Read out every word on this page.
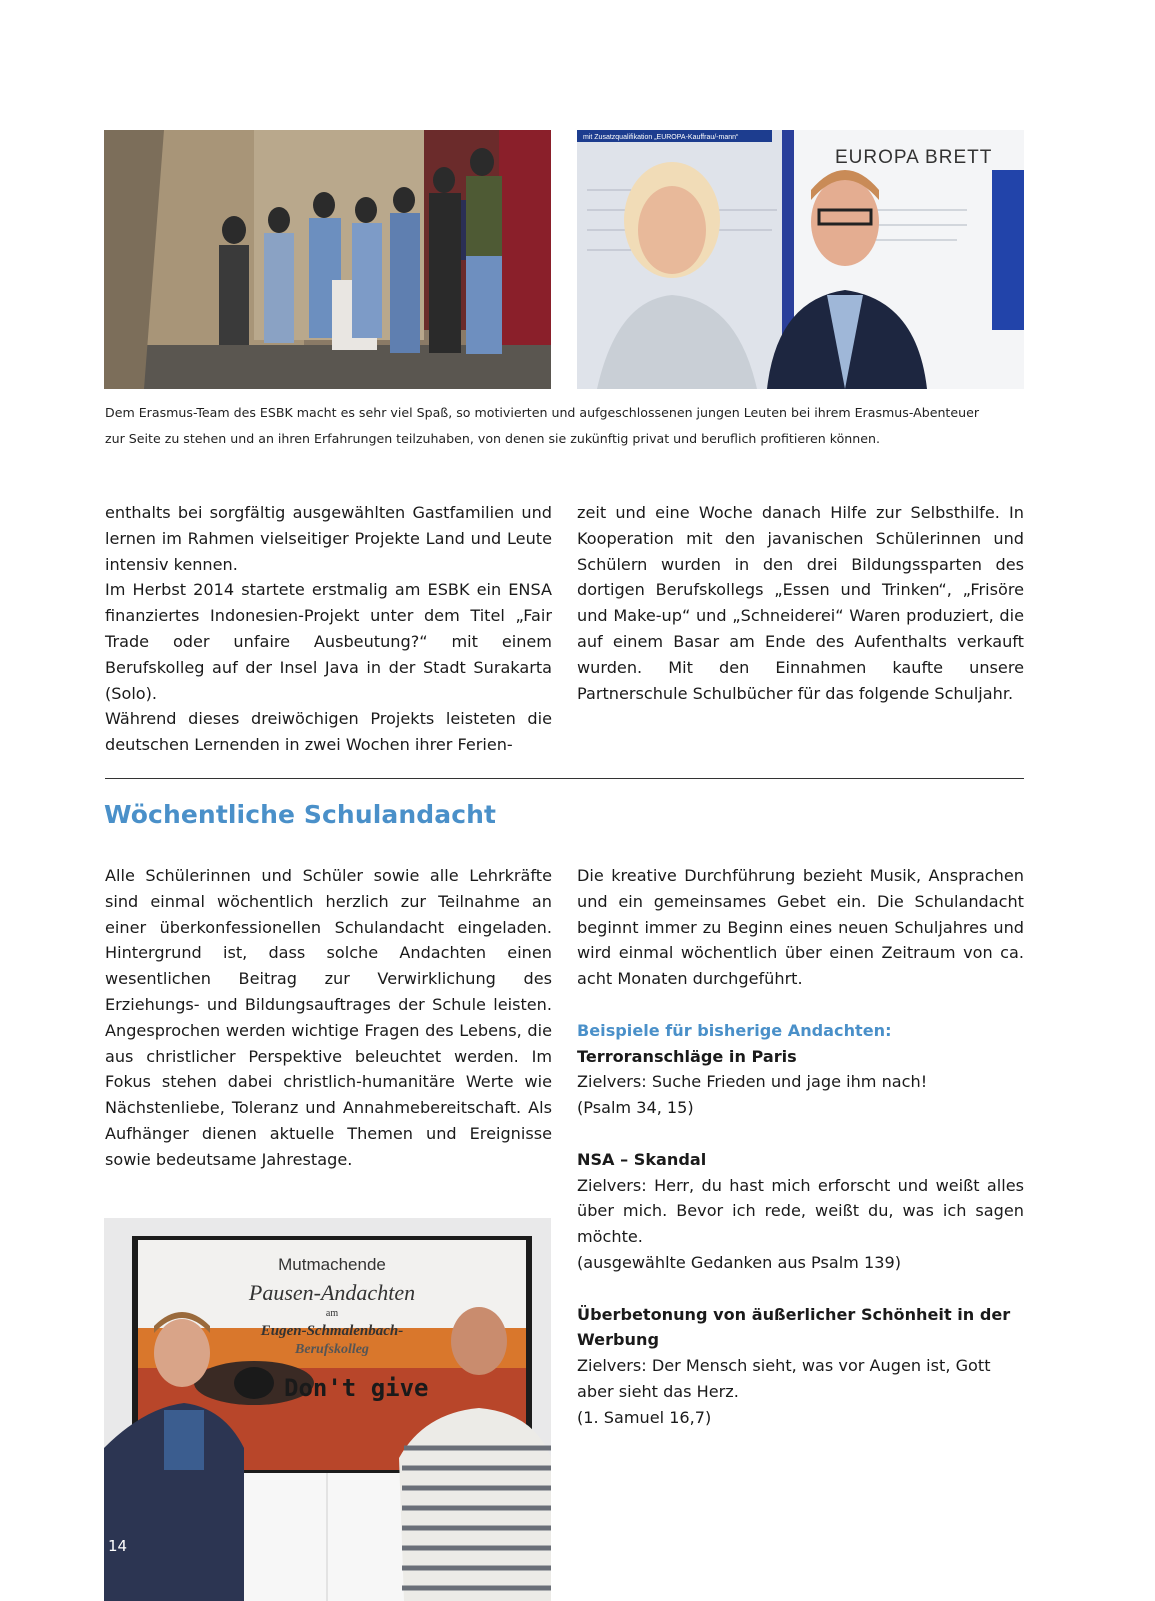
mit Zusatzqualifikation „EUROPA-Kauffrau/-mann“
EUROPA BRETT

Dem Erasmus-Team des ESBK macht es sehr viel Spaß, so motivierten und aufgeschlossenen jungen Leuten bei ihrem Erasmus-Abenteuer

zur Seite zu stehen und an ihren Erfahrungen teilzuhaben, von denen sie zukünftig privat und beruflich profitieren können.

enthalts bei sorgfältig ausgewählten Gastfamilien und lernen im Rahmen vielseitiger Projekte Land und Leute intensiv kennen.

Im Herbst 2014 startete erstmalig am ESBK ein ENSA finanziertes Indonesien-Projekt unter dem Titel „Fair Trade oder unfaire Ausbeutung?“ mit einem Berufskolleg auf der Insel Java in der Stadt Surakarta (Solo).

Während dieses dreiwöchigen Projekts leisteten die deutschen Lernenden in zwei Wochen ihrer Ferien-

zeit und eine Woche danach Hilfe zur Selbsthilfe. In Kooperation mit den javanischen Schülerinnen und Schülern wurden in den drei Bildungssparten des dortigen Berufskollegs „Essen und Trinken“, „Frisöre und Make-up“ und „Schneiderei“ Waren produziert, die auf einem Basar am Ende des Aufenthalts verkauft wurden. Mit den Einnahmen kaufte unsere Partnerschule Schulbücher für das folgende Schuljahr.

Wöchentliche Schulandacht

Alle Schülerinnen und Schüler sowie alle Lehrkräfte sind einmal wöchentlich herzlich zur Teilnahme an einer überkonfessionellen Schulandacht eingeladen. Hintergrund ist, dass solche Andachten einen wesentlichen Beitrag zur Verwirklichung des Erziehungs- und Bildungsauftrages der Schule leisten. Angesprochen werden wichtige Fragen des Lebens, die aus christlicher Perspektive beleuchtet werden. Im Fokus stehen dabei christlich-humanitäre Werte wie Nächstenliebe, Toleranz und Annahmebereitschaft. Als Aufhänger dienen aktuelle Themen und Ereignisse sowie bedeutsame Jahrestage.

Die kreative Durchführung bezieht Musik, Ansprachen und ein gemeinsames Gebet ein. Die Schulandacht beginnt immer zu Beginn eines neuen Schuljahres und wird einmal wöchentlich über einen Zeitraum von ca. acht Monaten durchgeführt.

Beispiele für bisherige Andachten:

Terroranschläge in Paris

Zielvers: Suche Frieden und jage ihm nach!

(Psalm 34, 15)

NSA – Skandal

Zielvers: Herr, du hast mich erforscht und weißt alles über mich. Bevor ich rede, weißt du, was ich sagen möchte.

(ausgewählte Gedanken aus Psalm 139)

Überbetonung von äußerlicher Schönheit in der Werbung

Zielvers: Der Mensch sieht, was vor Augen ist, Gott aber sieht das Herz.

(1. Samuel 16,7)

Mutmachende
Pausen-Andachten
am
Eugen-Schmalenbach-
Berufskolleg
Don't give
14
